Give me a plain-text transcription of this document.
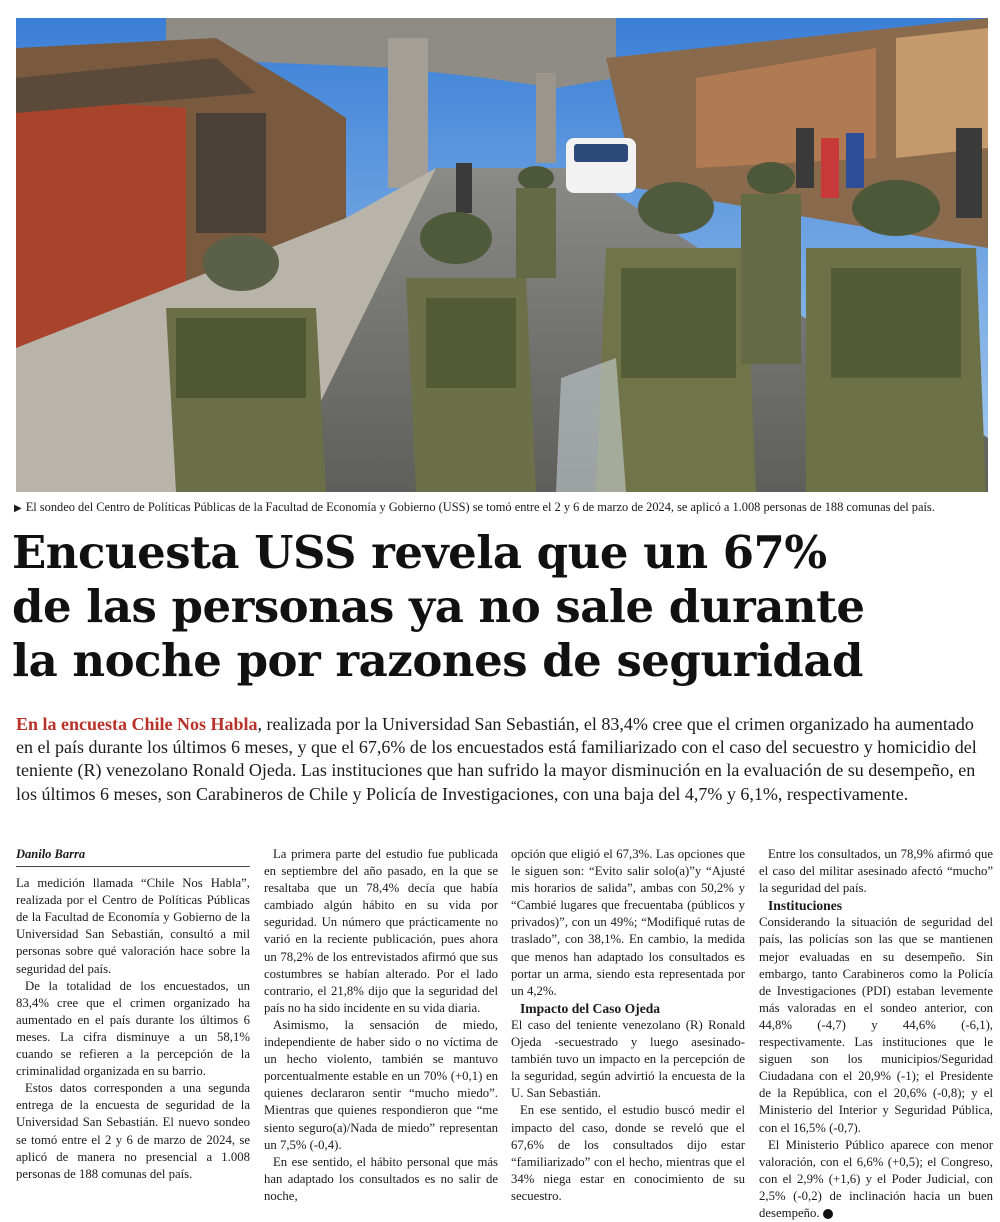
▶ El sondeo del Centro de Políticas Públicas de la Facultad de Economía y Gobierno (USS) se tomó entre el 2 y 6 de marzo de 2024, se aplicó a 1.008 personas de 188 comunas del país.
Encuesta USS revela que un 67%
de las personas ya no sale durante
la noche por razones de seguridad

En la encuesta Chile Nos Habla, realizada por la Universidad San Sebastián, el 83,4% cree que el crimen organizado ha aumentado en el país durante los últimos 6 meses, y que el 67,6% de los encuestados está familiarizado con el caso del secuestro y homicidio del teniente (R) venezolano Ronald Ojeda. Las instituciones que han sufrido la mayor disminución en la evaluación de su desempeño, en los últimos 6 meses, son Carabineros de Chile y Policía de Investigaciones, con una baja del 4,7% y 6,1%, respectivamente.

Danilo Barra

La medición llamada “Chile Nos Habla”, realizada por el Centro de Políticas Públicas de la Facultad de Economía y Gobierno de la Universidad San Sebastián, consultó a mil personas sobre qué valoración hace sobre la seguridad del país.

De la totalidad de los encuestados, un 83,4% cree que el crimen organizado ha aumentado en el país durante los últimos 6 meses. La cifra disminuye a un 58,1% cuando se refieren a la percepción de la criminalidad organizada en su barrio.

Estos datos corresponden a una segunda entrega de la encuesta de seguridad de la Universidad San Sebastián. El nuevo sondeo se tomó entre el 2 y 6 de marzo de 2024, se aplicó de manera no presencial a 1.008 personas de 188 comunas del país.

La primera parte del estudio fue publicada en septiembre del año pasado, en la que se resaltaba que un 78,4% decía que había cambiado algún hábito en su vida por seguridad. Un número que prácticamente no varió en la reciente publicación, pues ahora un 78,2% de los entrevistados afirmó que sus costumbres se habían alterado. Por el lado contrario, el 21,8% dijo que la seguridad del país no ha sido incidente en su vida diaria.

Asimismo, la sensación de miedo, independiente de haber sido o no víctima de un hecho violento, también se mantuvo porcentualmente estable en un 70% (+0,1) en quienes declararon sentir “mucho miedo”. Mientras que quienes respondieron que “me siento seguro(a)/Nada de miedo” representan un 7,5% (-0,4).

En ese sentido, el hábito personal que más han adaptado los consultados es no salir de noche,

opción que eligió el 67,3%. Las opciones que le siguen son: “Evito salir solo(a)”y “Ajusté mis horarios de salida”, ambas con 50,2% y “Cambié lugares que frecuentaba (públicos y privados)”, con un 49%; “Modifiqué rutas de traslado”, con 38,1%. En cambio, la medida que menos han adaptado los consultados es portar un arma, siendo esta representada por un 4,2%.

Impacto del Caso Ojeda

El caso del teniente venezolano (R) Ronald Ojeda -secuestrado y luego asesinado- también tuvo un impacto en la percepción de la seguridad, según advirtió la encuesta de la U. San Sebastián.

En ese sentido, el estudio buscó medir el impacto del caso, donde se reveló que el 67,6% de los consultados dijo estar “familiarizado” con el hecho, mientras que el 34% niega estar en conocimiento de su secuestro.

Entre los consultados, un 78,9% afirmó que el caso del militar asesinado afectó “mucho” la seguridad del país.

Instituciones

Considerando la situación de seguridad del país, las policías son las que se mantienen mejor evaluadas en su desempeño. Sin embargo, tanto Carabineros como la Policía de Investigaciones (PDI) estaban levemente más valoradas en el sondeo anterior, con 44,8% (-4,7) y 44,6% (-6,1), respectivamente. Las instituciones que le siguen son los municipios/Seguridad Ciudadana con el 20,9% (-1); el Presidente de la República, con el 20,6% (-0,8); y el Ministerio del Interior y Seguridad Pública, con el 16,5% (-0,7).

El Ministerio Público aparece con menor valoración, con el 6,6% (+0,5); el Congreso, con el 2,9% (+1,6) y el Poder Judicial, con 2,5% (-0,2) de inclinación hacia un buen desempeño.
